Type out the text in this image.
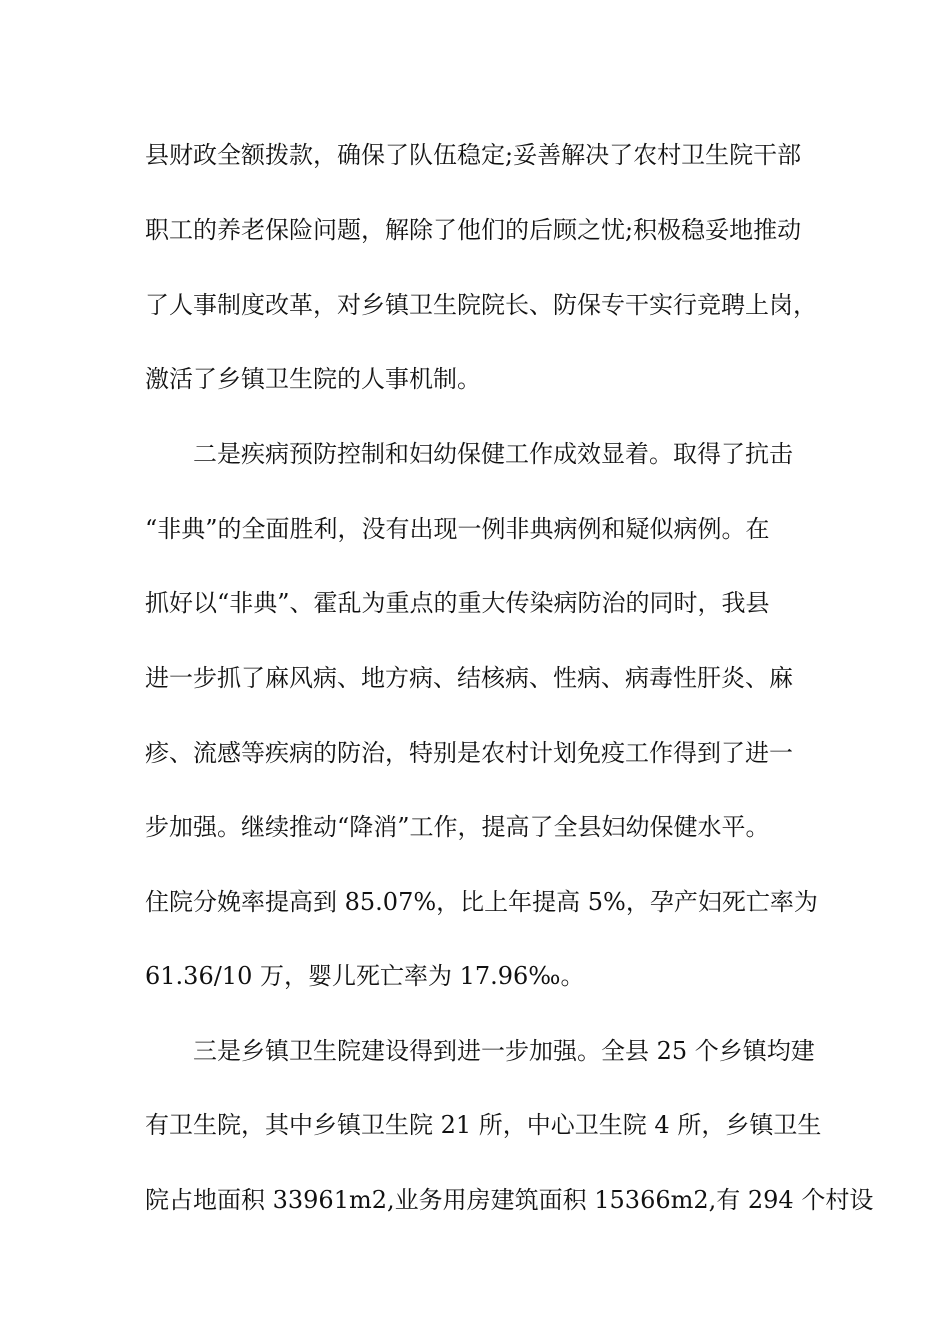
县财政全额拨款，确保了队伍稳定;妥善解决了农村卫生院干部
职工的养老保险问题，解除了他们的后顾之忧;积极稳妥地推动
了人事制度改革，对乡镇卫生院院长、防保专干实行竞聘上岗，
激活了乡镇卫生院的人事机制。
二是疾病预防控制和妇幼保健工作成效显着。取得了抗击
“非典”的全面胜利，没有出现一例非典病例和疑似病例。在
抓好以“非典”、霍乱为重点的重大传染病防治的同时，我县
进一步抓了麻风病、地方病、结核病、性病、病毒性肝炎、麻
疹、流感等疾病的防治，特别是农村计划免疫工作得到了进一
步加强。继续推动“降消”工作，提高了全县妇幼保健水平。
住院分娩率提高到 85.07%，比上年提高 5%，孕产妇死亡率为
61.36/10 万，婴儿死亡率为 17.96‰。
三是乡镇卫生院建设得到进一步加强。全县 25 个乡镇均建
有卫生院，其中乡镇卫生院 21 所，中心卫生院 4 所，乡镇卫生
院占地面积 33961m2,业务用房建筑面积 15366m2,有 294 个村设
